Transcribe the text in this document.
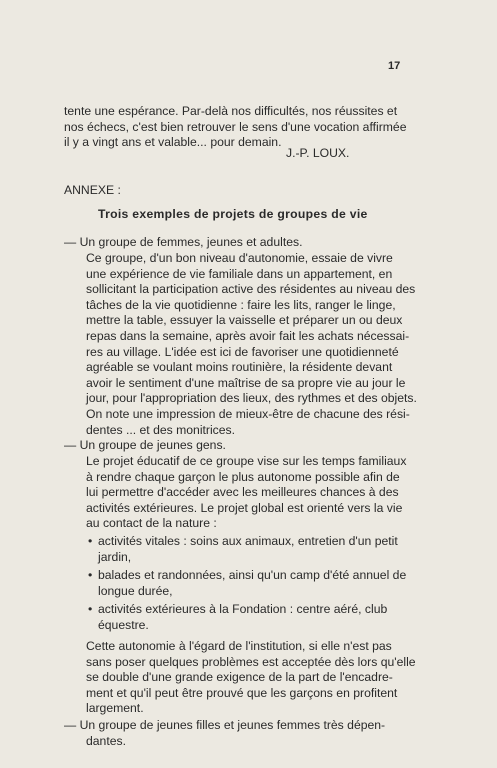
17
tente une espérance. Par-delà nos difficultés, nos réussites et
nos échecs, c'est bien retrouver le sens d'une vocation affirmée
il y a vingt ans et valable... pour demain.
J.-P. LOUX.
ANNEXE :
Trois exemples de projets de groupes de vie
— Un groupe de femmes, jeunes et adultes.
Ce groupe, d'un bon niveau d'autonomie, essaie de vivre
une expérience de vie familiale dans un appartement, en
sollicitant la participation active des résidentes au niveau des
tâches de la vie quotidienne : faire les lits, ranger le linge,
mettre la table, essuyer la vaisselle et préparer un ou deux
repas dans la semaine, après avoir fait les achats nécessai-
res au village. L'idée est ici de favoriser une quotidienneté
agréable se voulant moins routinière, la résidente devant
avoir le sentiment d'une maîtrise de sa propre vie au jour le
jour, pour l'appropriation des lieux, des rythmes et des objets.
On note une impression de mieux-être de chacune des rési-
dentes ... et des monitrices.
— Un groupe de jeunes gens.
Le projet éducatif de ce groupe vise sur les temps familiaux
à rendre chaque garçon le plus autonome possible afin de
lui permettre d'accéder avec les meilleures chances à des
activités extérieures. Le projet global est orienté vers la vie
au contact de la nature :
• activités vitales : soins aux animaux, entretien d'un petit
jardin,
• balades et randonnées, ainsi qu'un camp d'été annuel de
longue durée,
• activités extérieures à la Fondation : centre aéré, club
équestre.
Cette autonomie à l'égard de l'institution, si elle n'est pas
sans poser quelques problèmes est acceptée dès lors qu'elle
se double d'une grande exigence de la part de l'encadre-
ment et qu'il peut être prouvé que les garçons en profitent
largement.
— Un groupe de jeunes filles et jeunes femmes très dépen-
dantes.
